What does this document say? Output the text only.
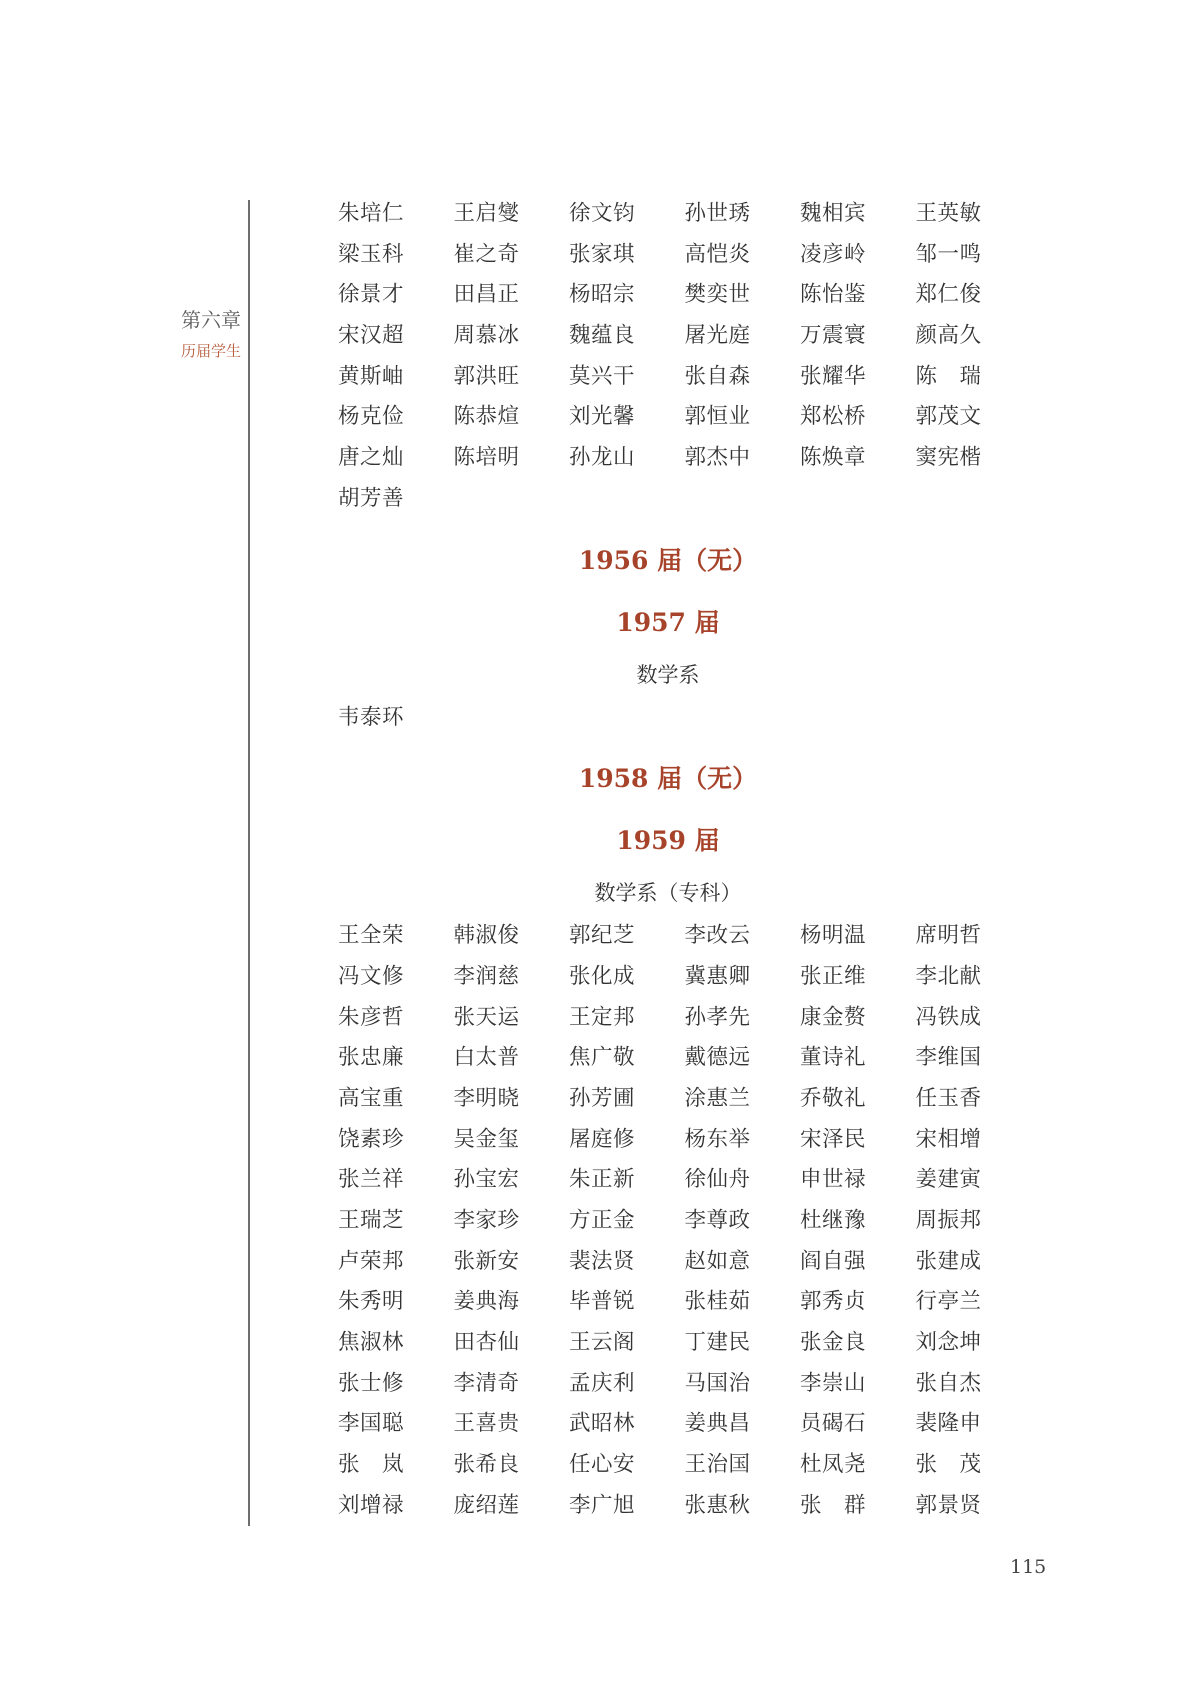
第六章
历届学生
朱培仁	王启燮	徐文钧	孙世琇	魏相宾	王英敏
梁玉科	崔之奇	张家琪	高恺炎	凌彦岭	邹一鸣
徐景才	田昌正	杨昭宗	樊奕世	陈怡鉴	郑仁俊
宋汉超	周慕冰	魏蕴良	屠光庭	万震寰	颜高久
黄斯岫	郭洪旺	莫兴干	张自森	张耀华	陈　瑞
杨克俭	陈恭煊	刘光馨	郭恒业	郑松桥	郭茂文
唐之灿	陈培明	孙龙山	郭杰中	陈焕章	窦宪楷
胡芳善
1956 届（无）
1957 届
数学系
韦泰环
1958 届（无）
1959 届
数学系（专科）
王全荣	韩淑俊	郭纪芝	李改云	杨明温	席明哲
冯文修	李润慈	张化成	冀惠卿	张正维	李北献
朱彦哲	张天运	王定邦	孙孝先	康金赘	冯铁成
张忠廉	白太普	焦广敬	戴德远	董诗礼	李维国
高宝重	李明晓	孙芳圃	涂惠兰	乔敬礼	任玉香
饶素珍	吴金玺	屠庭修	杨东举	宋泽民	宋相增
张兰祥	孙宝宏	朱正新	徐仙舟	申世禄	姜建寅
王瑞芝	李家珍	方正金	李尊政	杜继豫	周振邦
卢荣邦	张新安	裴法贤	赵如意	阎自强	张建成
朱秀明	姜典海	毕普锐	张桂茹	郭秀贞	行亭兰
焦淑林	田杏仙	王云阁	丁建民	张金良	刘念坤
张士修	李清奇	孟庆利	马国治	李崇山	张自杰
李国聪	王喜贵	武昭林	姜典昌	员碣石	裴隆申
张　岚	张希良	任心安	王治国	杜凤尧	张　茂
刘增禄	庞绍莲	李广旭	张惠秋	张　群	郭景贤
115
